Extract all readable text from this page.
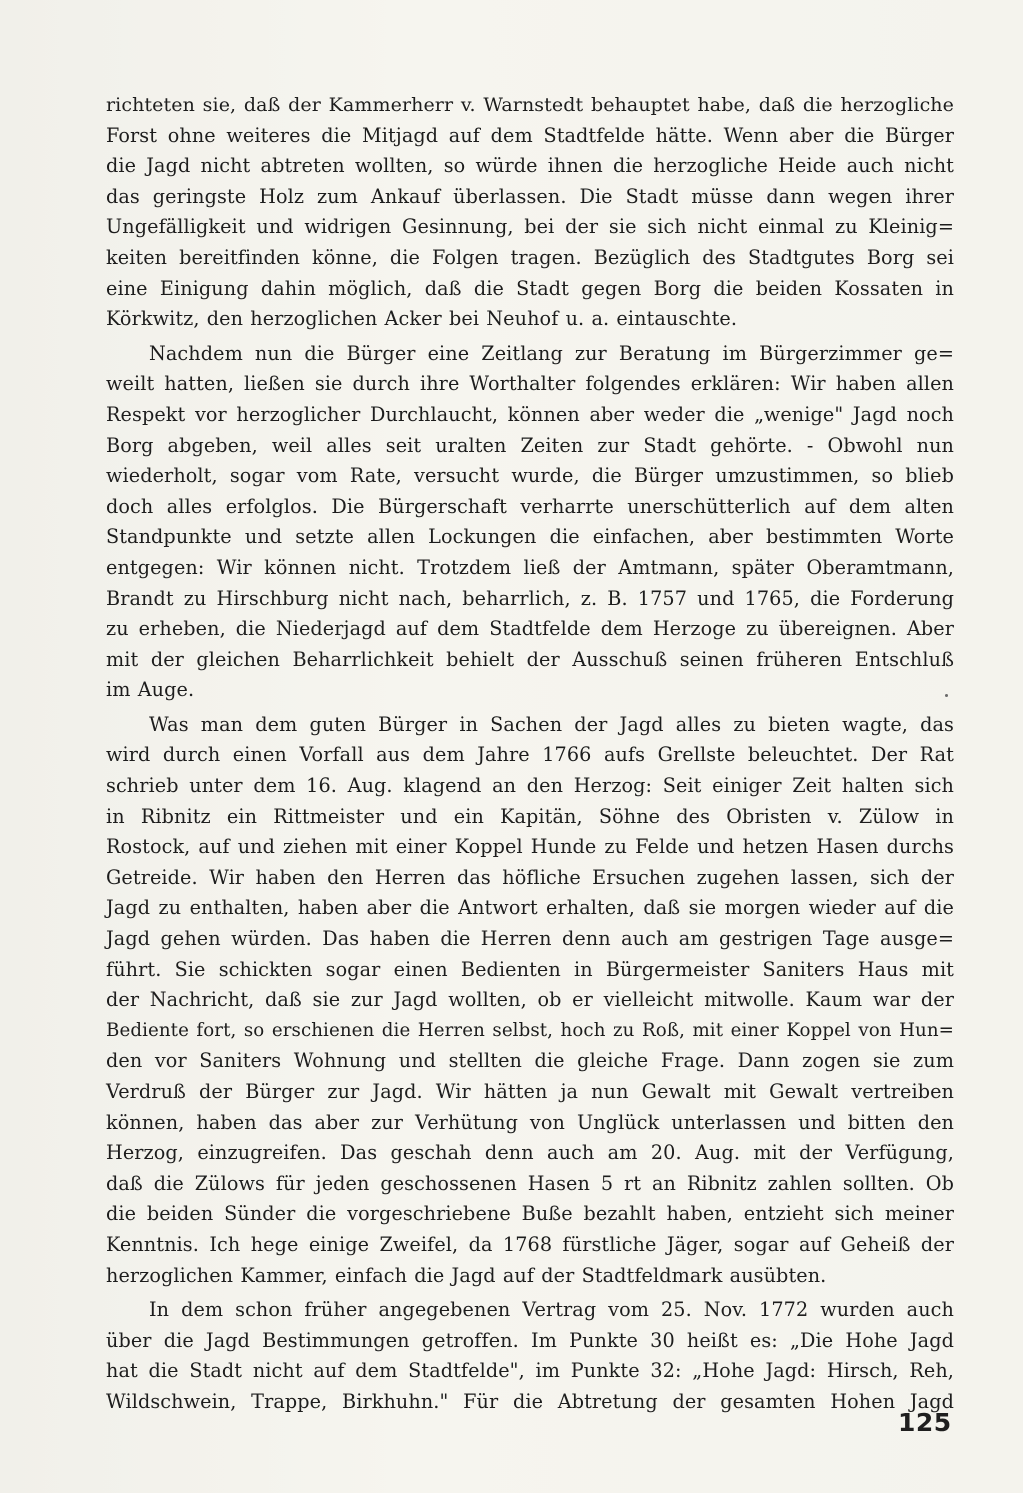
richteten sie, daß der Kammerherr v. Warnstedt behauptet habe, daß die herzogliche
Forst ohne weiteres die Mitjagd auf dem Stadtfelde hätte. Wenn aber die Bürger
die Jagd nicht abtreten wollten, so würde ihnen die herzogliche Heide auch nicht
das geringste Holz zum Ankauf überlassen. Die Stadt müsse dann wegen ihrer
Ungefälligkeit und widrigen Gesinnung, bei der sie sich nicht einmal zu Kleinig=
keiten bereitfinden könne, die Folgen tragen. Bezüglich des Stadtgutes Borg sei
eine Einigung dahin möglich, daß die Stadt gegen Borg die beiden Kossaten in
Körkwitz, den herzoglichen Acker bei Neuhof u. a. eintauschte.

Nachdem nun die Bürger eine Zeitlang zur Beratung im Bürgerzimmer ge=
weilt hatten, ließen sie durch ihre Worthalter folgendes erklären: Wir haben allen
Respekt vor herzoglicher Durchlaucht, können aber weder die „wenige" Jagd noch
Borg abgeben, weil alles seit uralten Zeiten zur Stadt gehörte. - Obwohl nun
wiederholt, sogar vom Rate, versucht wurde, die Bürger umzustimmen, so blieb
doch alles erfolglos. Die Bürgerschaft verharrte unerschütterlich auf dem alten
Standpunkte und setzte allen Lockungen die einfachen, aber bestimmten Worte
entgegen: Wir können nicht. Trotzdem ließ der Amtmann, später Oberamtmann,
Brandt zu Hirschburg nicht nach, beharrlich, z. B. 1757 und 1765, die Forderung
zu erheben, die Niederjagd auf dem Stadtfelde dem Herzoge zu übereignen. Aber
mit der gleichen Beharrlichkeit behielt der Ausschuß seinen früheren Entschluß
im Auge.

Was man dem guten Bürger in Sachen der Jagd alles zu bieten wagte, das
wird durch einen Vorfall aus dem Jahre 1766 aufs Grellste beleuchtet. Der Rat
schrieb unter dem 16. Aug. klagend an den Herzog: Seit einiger Zeit halten sich
in Ribnitz ein Rittmeister und ein Kapitän, Söhne des Obristen v. Zülow in
Rostock, auf und ziehen mit einer Koppel Hunde zu Felde und hetzen Hasen durchs
Getreide. Wir haben den Herren das höfliche Ersuchen zugehen lassen, sich der
Jagd zu enthalten, haben aber die Antwort erhalten, daß sie morgen wieder auf die
Jagd gehen würden. Das haben die Herren denn auch am gestrigen Tage ausge=
führt. Sie schickten sogar einen Bedienten in Bürgermeister Saniters Haus mit
der Nachricht, daß sie zur Jagd wollten, ob er vielleicht mitwolle. Kaum war der
Bediente fort, so erschienen die Herren selbst, hoch zu Roß, mit einer Koppel von Hun=
den vor Saniters Wohnung und stellten die gleiche Frage. Dann zogen sie zum
Verdruß der Bürger zur Jagd. Wir hätten ja nun Gewalt mit Gewalt vertreiben
können, haben das aber zur Verhütung von Unglück unterlassen und bitten den
Herzog, einzugreifen. Das geschah denn auch am 20. Aug. mit der Verfügung,
daß die Zülows für jeden geschossenen Hasen 5 rt an Ribnitz zahlen sollten. Ob
die beiden Sünder die vorgeschriebene Buße bezahlt haben, entzieht sich meiner
Kenntnis. Ich hege einige Zweifel, da 1768 fürstliche Jäger, sogar auf Geheiß der
herzoglichen Kammer, einfach die Jagd auf der Stadtfeldmark ausübten.

In dem schon früher angegebenen Vertrag vom 25. Nov. 1772 wurden auch
über die Jagd Bestimmungen getroffen. Im Punkte 30 heißt es: „Die Hohe Jagd
hat die Stadt nicht auf dem Stadtfelde", im Punkte 32: „Hohe Jagd: Hirsch, Reh,
Wildschwein, Trappe, Birkhuhn." Für die Abtretung der gesamten Hohen Jagd

125
